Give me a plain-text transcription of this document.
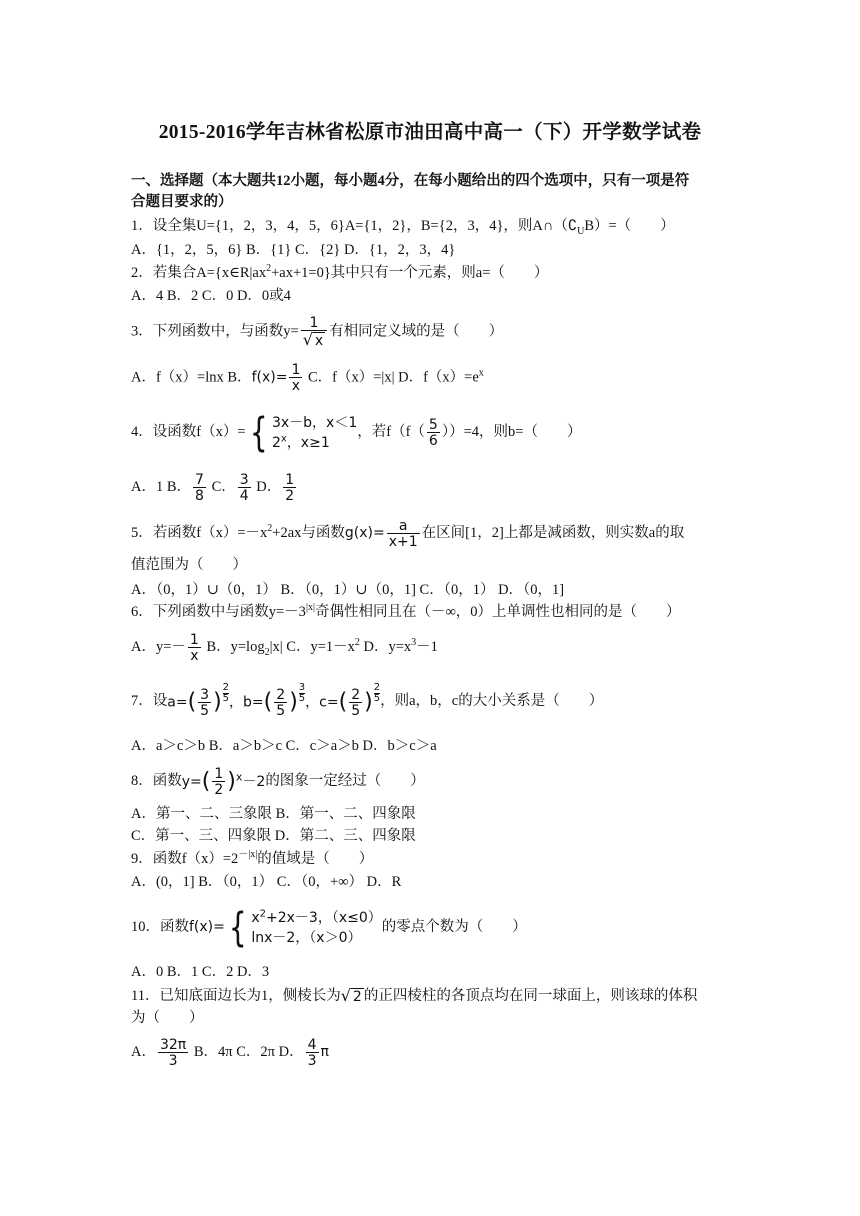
2015-2016学年吉林省松原市油田高中高一（下）开学数学试卷
一、选择题（本大题共12小题，每小题4分，在每小题给出的四个选项中，只有一项是符
合题目要求的）
1．设全集U={1，2，3，4，5，6}A={1，2}，B={2，3，4}，则$A\cap(∁_UB)=$（　　）
A．{1，2，5，6} B．{1} C．{2} D．{1，2，3，4}
2．若集合$A=\{x\in R|ax^2+ax+1=0\}$其中只有一个元素，则a=（　　）
A．4 B．2 C．0 D．0或4
3．下列函数中，与函数$y= \frac{1}{√ x}$ 有相同定义域的是（　　）
A．f（x）=lnx B．$f(x)= \frac{1}{x}$ C．f（x）=|x| D．$f(x)=e^x$
4．设函数f（x）= { 3x－b，x＜1
2$^x$，x≥1
，若$f(f( \frac{5}{6} ))=4$，则b=（　　）
A．1 B． $\frac{7}{8}$ C． $\frac{3}{4}$ D． $\frac{1}{2}$
5．若函数$f(x)=-x^2+2ax$与函数$g(x)= \frac{a}{x+1}$ 在区间[1，2]上都是减函数，则实数a的取
值范围为（　　）
A．（0，1）∪（0，1） B．（0，1）∪（0，1] C．（0，1） D．（0，1]
6．下列函数中与函数$y=-3^{|x|}$奇偶性相同且在（－∞，0）上单调性也相同的是（　　）
A．$y=- \frac{1}{x}$ B．$y=\log_2|x|$ C．$y=1-x^2$ D．$y=x^3-1$
7．设$a=( \frac{3}{5}$ ) $\frac{2}{5}$ ，$b=( \frac{2}{5}$ ) $\frac{3}{5}$ ，$c=( \frac{2}{5}$ ) $\frac{2}{5}$ ，则a，b，c的大小关系是（　　）
A．a＞c＞b B．a＞b＞c C．c＞a＞b D．b＞c＞a
8．函数$y=( \frac{1}{2} )^x-2$的图象一定经过（　　）
A．第一、二、三象限 B．第一、二、四象限
C．第一、三、四象限 D．第二、三、四象限
9．函数$f(x)=2^{-|x|}$的值域是（　　）
A．(0，1] B．（0，1） C．（0，+∞） D．R
10．函数f(x)= { $x^2+2x-3$，（x≤0）
lnx－2，（x＞0）
的零点个数为（　　）
A．0 B．1 C．2 D．3
11．已知底面边长为1，侧棱长为√ 2 的正四棱柱的各顶点均在同一球面上，则该球的体积
为（　　）
A． $\frac{32\pi}{3}$ B．4π C．2π D． $\frac{4}{3}$ π
